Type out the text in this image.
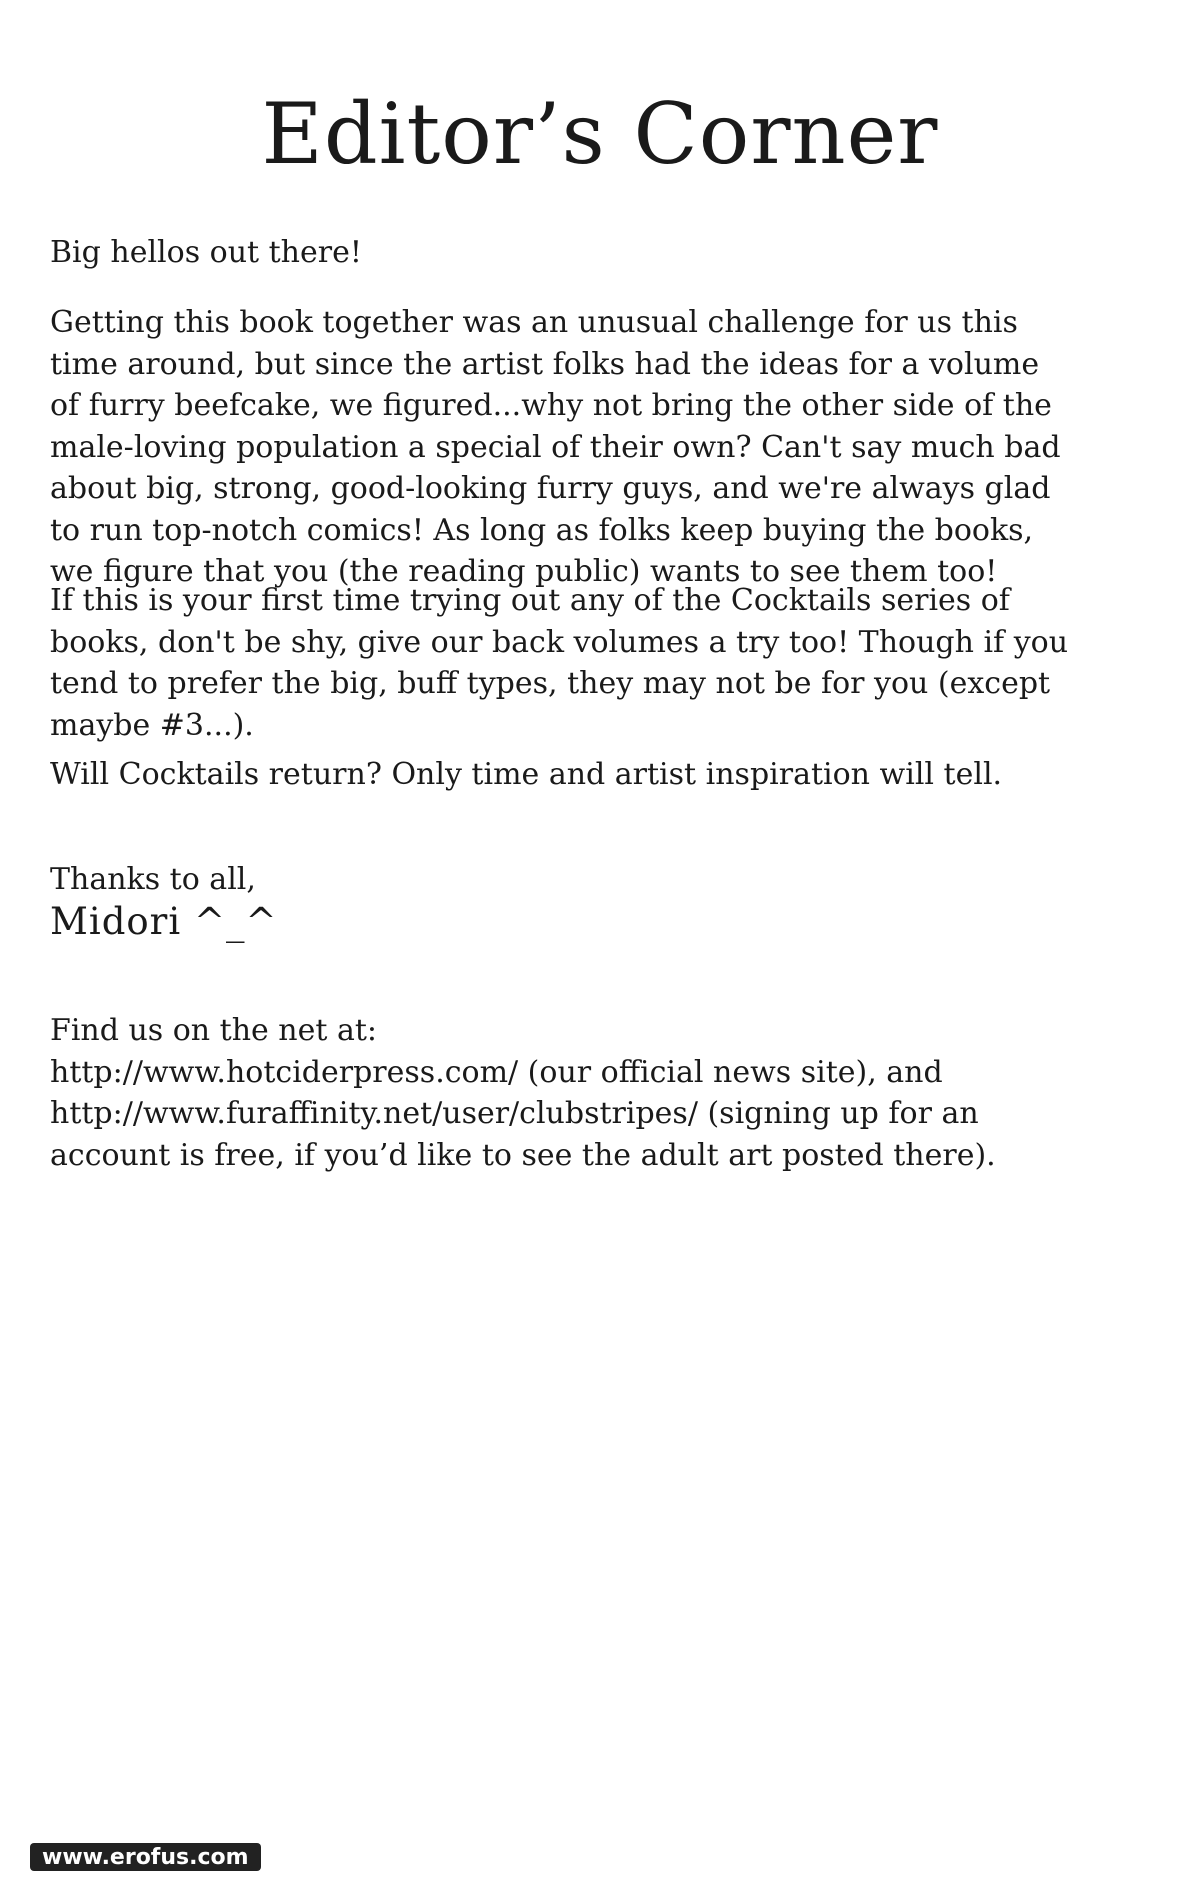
Editor’s Corner

Big hellos out there!

Getting this book together was an unusual challenge for us this
time around, but since the artist folks had the ideas for a volume
of furry beefcake, we figured...why not bring the other side of the
male-loving population a special of their own? Can't say much bad
about big, strong, good-looking furry guys, and we're always glad
to run top-notch comics! As long as folks keep buying the books,
we figure that you (the reading public) wants to see them too!

If this is your first time trying out any of the Cocktails series of
books, don't be shy, give our back volumes a try too! Though if you
tend to prefer the big, buff types, they may not be for you (except
maybe #3...).

Will Cocktails return? Only time and artist inspiration will tell.

Thanks to all,
Midori ^_^

Find us on the net at:
http://www.hotciderpress.com/ (our official news site), and
http://www.furaffinity.net/user/clubstripes/ (signing up for an
account is free, if you’d like to see the adult art posted there).

www.erofus.com
